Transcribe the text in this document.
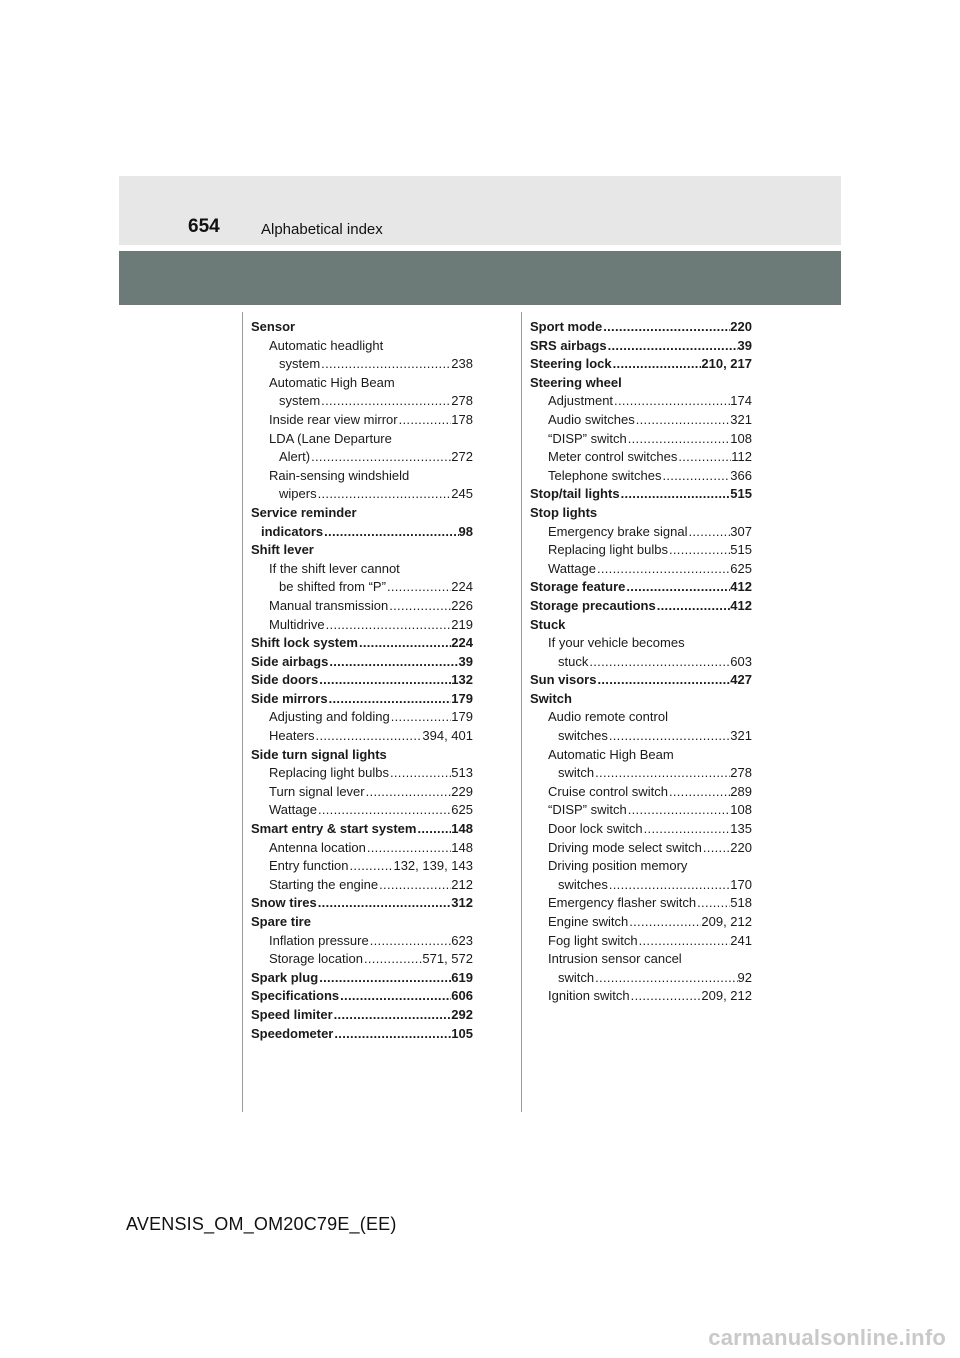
654	Alphabetical index
Sensor
Automatic headlight
system .....	238
Automatic High Beam
system .....	278
Inside rear view mirror .....	178
LDA (Lane Departure
Alert) .....	272
Rain-sensing windshield
wipers .....	245
Service reminder
indicators .....	98
Shift lever
If the shift lever cannot
be shifted from “P” .....	224
Manual transmission .....	226
Multidrive .....	219
Shift lock system .....	224
Side airbags .....	39
Side doors .....	132
Side mirrors .....	179
Adjusting and folding .....	179
Heaters .....	394, 401
Side turn signal lights
Replacing light bulbs .....	513
Turn signal lever .....	229
Wattage .....	625
Smart entry & start system .....	148
Antenna location .....	148
Entry function .....	132, 139, 143
Starting the engine .....	212
Snow tires .....	312
Spare tire
Inflation pressure .....	623
Storage location .....	571, 572
Spark plug .....	619
Specifications .....	606
Speed limiter .....	292
Speedometer .....	105
Sport mode .....	220
SRS airbags .....	39
Steering lock .....	210, 217
Steering wheel
Adjustment .....	174
Audio switches .....	321
“DISP” switch .....	108
Meter control switches .....	112
Telephone switches .....	366
Stop/tail lights .....	515
Stop lights
Emergency brake signal .....	307
Replacing light bulbs .....	515
Wattage .....	625
Storage feature .....	412
Storage precautions .....	412
Stuck
If your vehicle becomes
stuck .....	603
Sun visors .....	427
Switch
Audio remote control
switches .....	321
Automatic High Beam
switch .....	278
Cruise control switch .....	289
“DISP” switch .....	108
Door lock switch .....	135
Driving mode select switch ..... 220
Driving position memory
switches .....	170
Emergency flasher switch .....	518
Engine switch .....	209, 212
Fog light switch .....	241
Intrusion sensor cancel
switch .....	92
Ignition switch .....	209, 212
AVENSIS_OM_OM20C79E_(EE)
carmanualsonline.info
